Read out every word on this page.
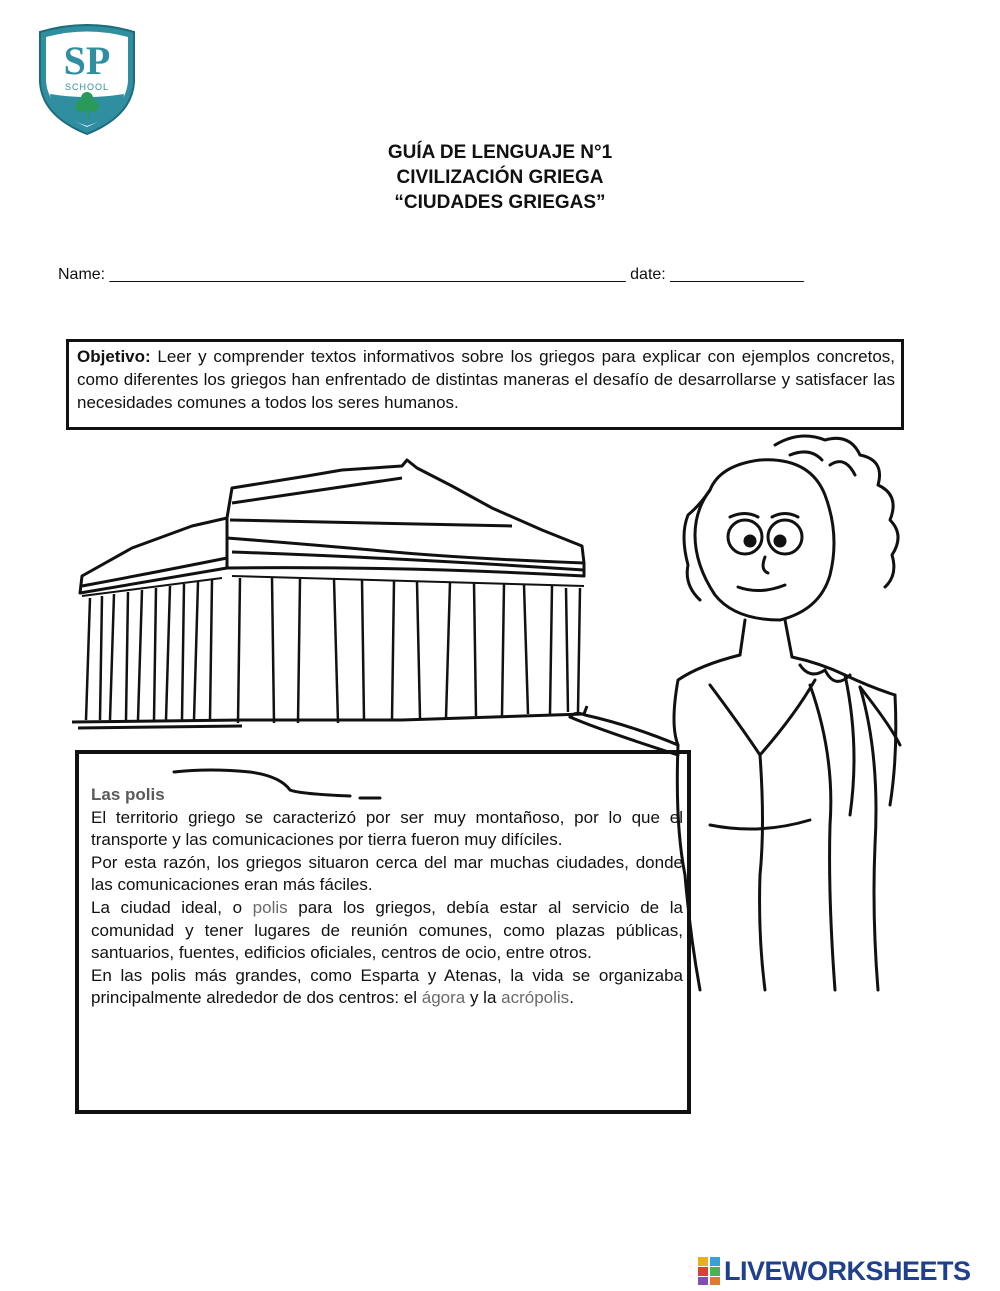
SP
SCHOOL
GUÍA DE LENGUAJE N°1
CIVILIZACIÓN GRIEGA
“CIUDADES GRIEGAS”
Name: __________________________________________________________ date: _______________
Objetivo: Leer y comprender textos informativos sobre los griegos para explicar con ejemplos concretos, como diferentes los griegos han enfrentado de distintas maneras el desafío de desarrollarse y satisfacer las necesidades comunes a todos los seres humanos.
Las polis

El territorio griego se caracterizó por ser muy montañoso, por lo que el transporte y las comunicaciones por tierra fueron muy difíciles.

Por esta razón, los griegos situaron cerca del mar muchas ciudades, donde las comunicaciones eran más fáciles.

La ciudad ideal, o polis para los griegos, debía estar al servicio de la comunidad y tener lugares de reunión comunes, como plazas públicas, santuarios, fuentes, edificios oficiales, centros de ocio, entre otros.

En las polis más grandes, como Esparta y Atenas, la vida se organizaba principalmente alrededor de dos centros: el ágora y la acrópolis.

LIVEWORKSHEETS
